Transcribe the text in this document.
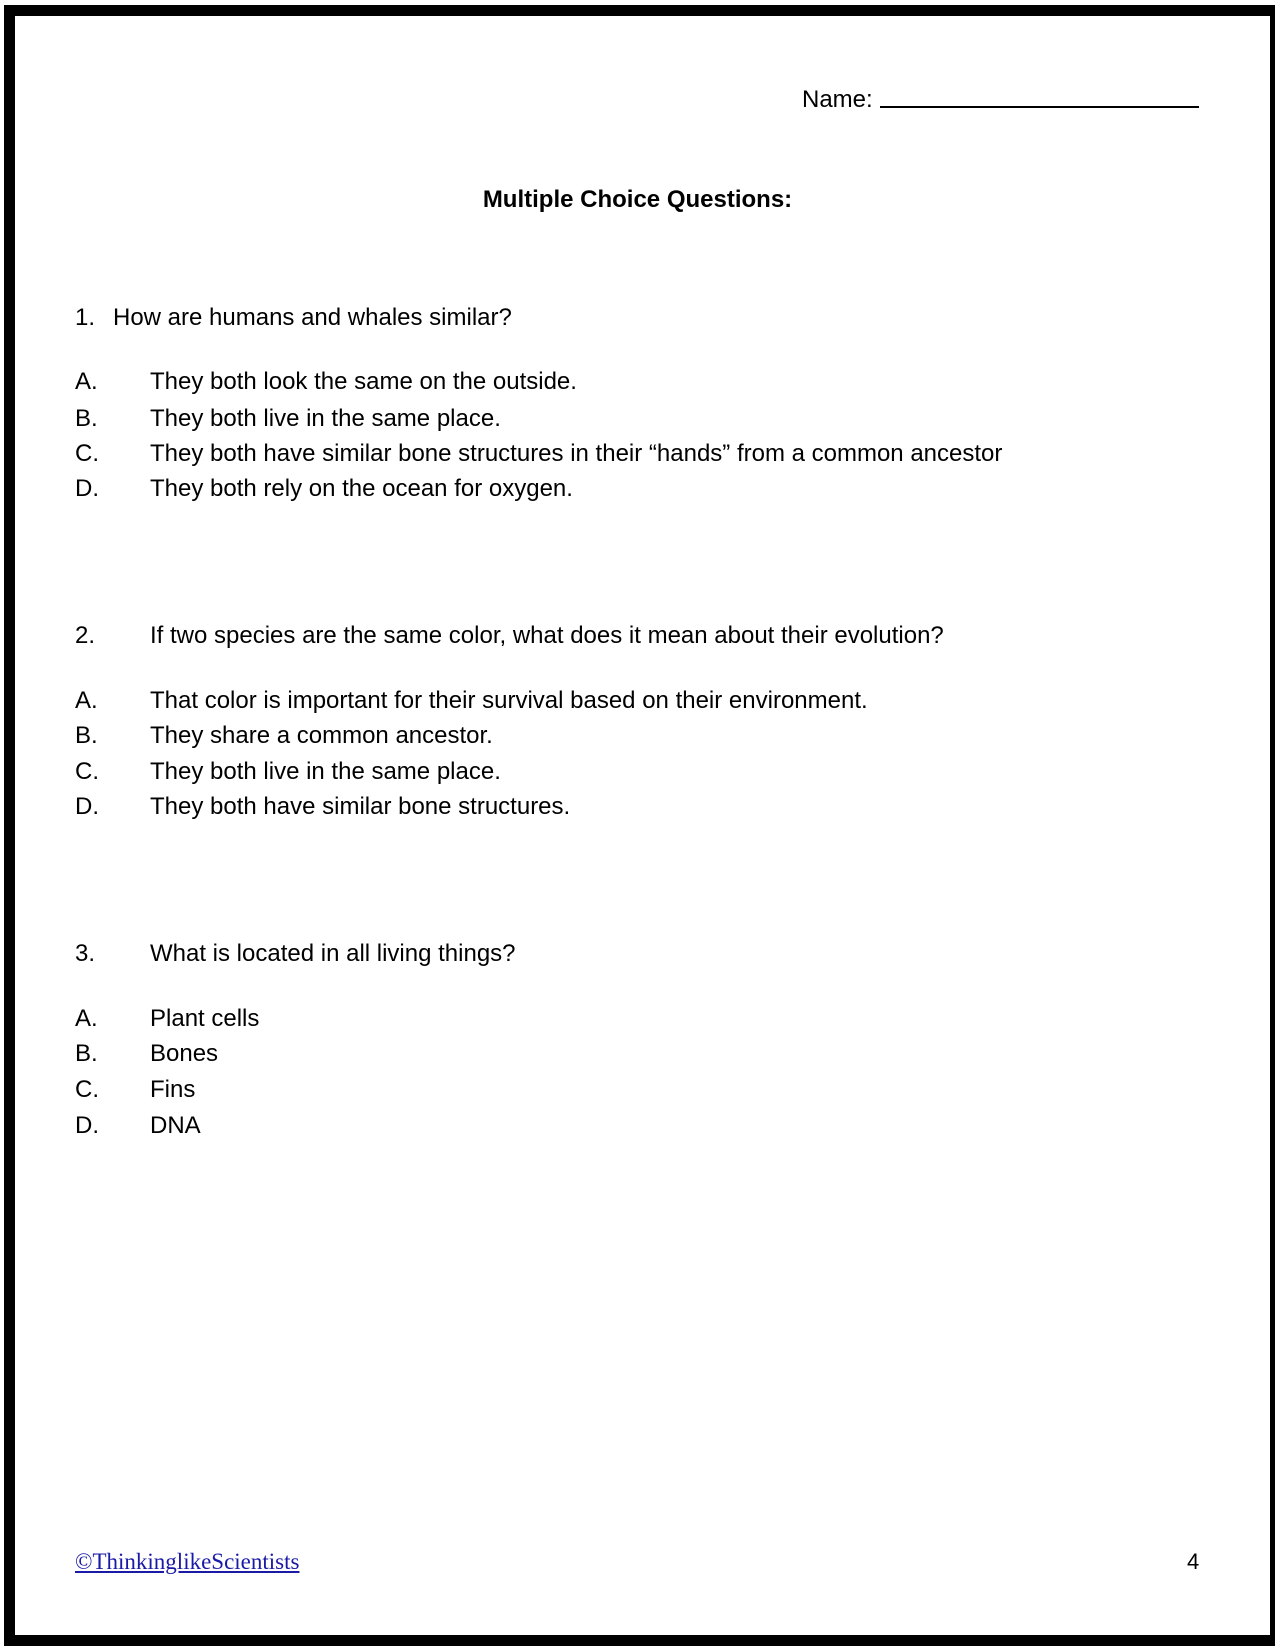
Name:
Multiple Choice Questions:
1. How are humans and whales similar?
A. They both look the same on the outside.
B. They both live in the same place.
C. They both have similar bone structures in their “hands” from a common ancestor
D. They both rely on the ocean for oxygen.
2. If two species are the same color, what does it mean about their evolution?
A. That color is important for their survival based on their environment.
B. They share a common ancestor.
C. They both live in the same place.
D. They both have similar bone structures.
3. What is located in all living things?
A. Plant cells
B. Bones
C. Fins
D. DNA
©ThinkinglikeScientists	4
